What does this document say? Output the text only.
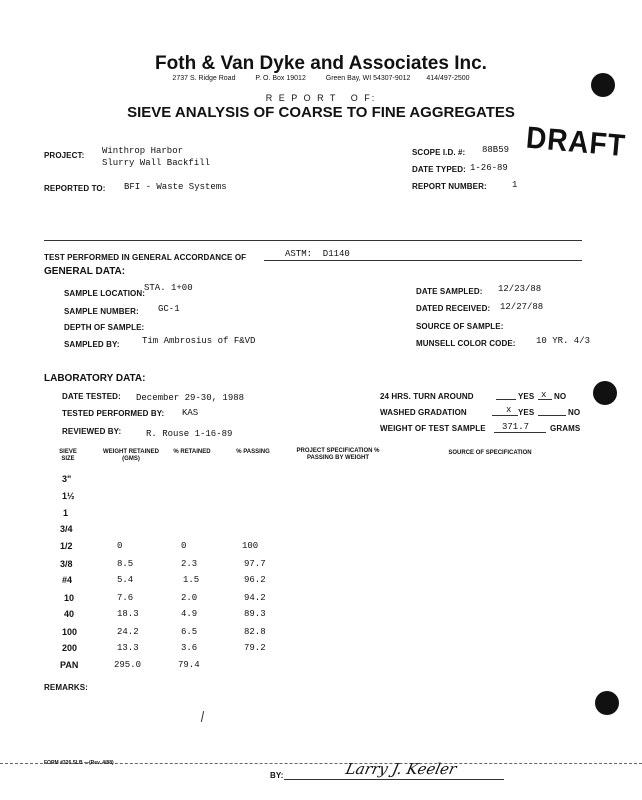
Foth & Van Dyke and Associates Inc.
2737 S. Ridge Road	P. O. Box 19012	Green Bay, WI 54307-9012 414/497-2500
R E P O R T   O F:
SIEVE ANALYSIS OF COARSE TO FINE AGGREGATES
DRAFT
PROJECT: Winthrop Harbor
Slurry Wall Backfill
REPORTED TO: BFI - Waste Systems
SCOPE I.D. #: 88B59
DATE TYPED: 1-26-89
REPORT NUMBER:	1
TEST PERFORMED IN GENERAL ACCORDANCE OF	ASTM:  D1140
GENERAL DATA:
SAMPLE LOCATION:
STA. 1+00
SAMPLE NUMBER: GC-1
DEPTH OF SAMPLE:
SAMPLED BY: Tim Ambrosius of F&VD
DATE SAMPLED: 12/23/88
DATED RECEIVED: 12/27/88
SOURCE OF SAMPLE:
MUNSELL COLOR CODE: 10 YR. 4/3
LABORATORY DATA:
DATE TESTED: December 29-30, 1988
TESTED PERFORMED BY: KAS
REVIEWED BY:	R. Rouse 1-16-89
24 HRS. TURN AROUND	YES x NO
WASHED GRADATION	x YES	NO
WEIGHT OF TEST SAMPLE 371.7	GRAMS
SIEVE SIZE
WEIGHT RETAINED (GMS)
% RETAINED	% PASSING	PROJECT SPECIFICATION % PASSING BY WEIGHT
SOURCE OF SPECIFICATION
3"
1½
1
3/4
1/2	0	0	100
3/8	8.5	2.3	97.7
#4	5.4	1.5	96.2
10	7.6	2.0	94.2
40	18.3	4.9	89.3
100	24.2	6.5	82.8
200	13.3	3.6	79.2
PAN	295.0	79.4
REMARKS:
FORM #326 SLB —(Rev. 4/88)
BY:	Larry J. Keeler
